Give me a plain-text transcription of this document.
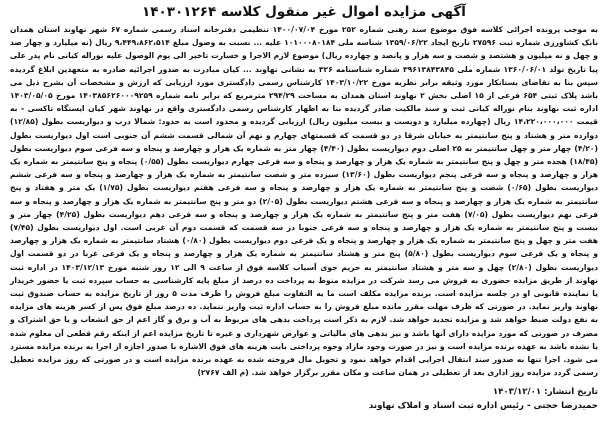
آگهی مزایده اموال غیر منقول کلاسه ۱۴۰۳۰۱۲۶۴

به موجب پرونده اجرائی کلاسه فوق موضوع سند رهنی شماره ۲۵۲ مورخ ۱۴۰۰/۰۷/۰۴ تنظیمی دفترخانه اسناد رسمی شماره ۶۷ شهر نهاوند استان همدان بانک کشاورزی شماره ثبت ۲۷۵۹۶ تاریخ ایجاد ۱۳۵۹/۰۶/۲۲ شناسه ملی ۱۰۱۰۰۰۸۰۱۸۴ علیه ... نسبت به وصول مبلغ ۹،۴۴۹،۸۶۲،۵۱۴ ریال (نه میلیارد و چهار صد و چهل و نه میلیون و هشتصد و شصت و سه هزار و پانصد و چهارده ریال) موضوع لازم الاجرا و خسارت تاخیر الی یوم الوصول علیه نوراله کیانی نام پدر علی پیا تاریخ تولد ۱۳۶۰/۰۶/۰۱ شماره ملی ۳۹۶۱۳۸۴۳۸۴۵ شماره شناسنامه ۳۲۶ به نشانی نهاوند ... کیان مبادرت به صدور اجرائیه صادره به متعهدین ابلاغ گردیده سپس بنا به تقاضای بستانکار مورد وثیقه برابر نظریه مورخ ۱۴۰۳/۱۰/۲۲ کارشناس رسمی دادگستری مورد ارزیابی که ارزش و مشخصات آن بشرح ذیل می باشد پلاک ثبتی ۶۵۴ فرعی از ۱۵ اصلی بخش ۲ نهاوند استان همدان به مساحت ۲۹۴/۲۹ مترمربع که برابر نامه شماره ۱۴۰۳۸۵۶۲۶۰۰۰۹۲۵۹ مورخ ۱۴۰۳/۰۵/۰۵ اداره ثبت نهاوند بنام نوراله کیانی ثبت و سند مالکیت صادر گردیده بنا به اظهار کارشناس رسمی دادگستری واقع در نهاوند شهر کیان ایستگاه تاکسی - به قیمت ۱۴،۲۲۰،۰۰۰،۰۰۰ ریال (چهارده میلیارد و دویست و بیست میلیون ریال) ارزیابی گردیده و محدود است به حدود: شمالا درب و دیواریست بطول (۱۲/۸۵) دوازده متر و هشتاد و پنج سانتیمتر به خیابان شرقا در دو قسمت که قسمتهای چهارم و نهم آن شمالی قسمت ششم آن جنوبی است اول دیواریست بطول (۴/۲۰) چهار متر و چهل سانتیمتر به ۲۵ اصلی دوم دیواریست بطول (۴/۴۰) چهار متر به شماره یک هزار و چهارصد و پنجاه و سه فرعی سوم دیواریست بطول (۱۸/۴۵) هجده متر و چهل و پنج سانتیمتر به شماره یک هزار و چهارصد و پنجاه و سه فرعی چهارم دیواریست بطول (۰/۵۵) پنجاه و پنج سانتیمتر به شماره یک هزار و چهارصد و پنجاه و سه فرعی پنجم دیواریست بطول (۱۳/۶۰) سیزده متر و شصت سانتیمتر به شماره یک هزار و چهارصد و پنجاه و سه فرعی ششم دیواریست بطول (۰/۶۵) شصت و پنج سانتیمتر به شماره یک هزار و چهارصد و پنجاه و سه فرعی هفتم دیواریست بطول (۱/۷۵) یک متر و هفتاد و پنج سانتیمتر به شماره یک هزار و چهارصد و پنجاه و سه فرعی هشتم دیواریست بطول (۲/۰۵) دو متر و پنج سانتیمتر به شماره یک هزار و چهارصد و پنجاه و سه فرعی نهم دیواریست بطول (۷/۰۵) هفت متر و پنج سانتیمتر به شماره یک هزار و چهارصد و پنجاه و سه فرعی دهم دیواریست بطول (۴/۲۵) چهار متر و بیست و پنج سانتیمتر به شماره یک هزار و چهارصد و پنجاه و سه فرعی جنوبا در سه قسمت که قسمت دوم آن غربی است. اول دیواریست بطول (۷/۴۵) هفت متر و چهل و پنج سانتیمتر به شماره یک هزار و چهارصد و پنجاه و یک فرعی دوم دیواریست بطول (۰/۸۰) هشتاد سانتیمتر به شماره یک هزار و چهارصد و پنجاه و یک فرعی سوم دیواریست بطول (۵/۸۰) پنج متر و هشتاد سانتیمتر به شماره یک هزار و چهارصد و پنجاه و یک فرعی غربا در دو قسمت اول دیواریست بطول (۲/۸۰) چهل و سه متر و هشتاد سانتیمتر به حریم جوی آسیاب کلاسه فوق از ساعت ۹ الی ۱۲ روز شنبه مورخ ۱۴۰۳/۱۲/۱۳ در اداره ثبت نهاوند از طریق مزایده حضوری به فروش می رسد شرکت در مزایده منوط به پرداخت ده درصد از مبلغ پایه کارشناسی به حساب سپرده ثبت یا حضور خریدار یا نماینده قانونی او در جلسه مزایده است. برنده مزایده مکلف است ما به التفاوت مبلغ فروش را ظرف مدت ۵ روز از تاریخ مزایده به حساب صندوق ثبت نهاوند واریز نماید. در صورتی که ظرف مهلت مقرر مانده مبلغ فروش را به حساب اداره ثبت واریز ننماید. ده درصد مبلغ فوق پس از کسر هزینه های مزایده به نفع دولت ضبط خواهد شد و مزایده تجدید خواهد شد. لازم به ذکر است پرداخت بدهی های مربوط به آب و برق و گاز اعم از حق انشعاب و یا حق اشتراک و مصرف در صورتی که مورد مزایده دارای آنها باشد و نیز بدهی های مالیاتی و عوارض شهرداری و غیره تا تاریخ مزایده اعم از اینکه رقم قطعی آن معلوم شده یا نشده باشد به عهده برنده مزایده است و نیز در صورت وجود مازاد وجوه پرداختی بابت هزینه های فوق الاشاره با صدور اجازه از اجرا به برنده مزایده مسترد می شود. اجرا تنها به صدور سند انتقال اجرایی اقدام خواهد نمود و تحویل مال فروخته شده به عهده برنده مزایده است و در صورتی که روز مزایده تعطیل رسمی گردد مزایده روز اداری بعد از تعطیلی در همان ساعت و مکان مقرر برگزار خواهد شد. (م الف ۲۷۶۷)

تاریخ انتشار: ۱۴۰۳/۱۲/۰۱
حمیدرضا حجتی - رئیس اداره ثبت اسناد و املاک نهاوند
